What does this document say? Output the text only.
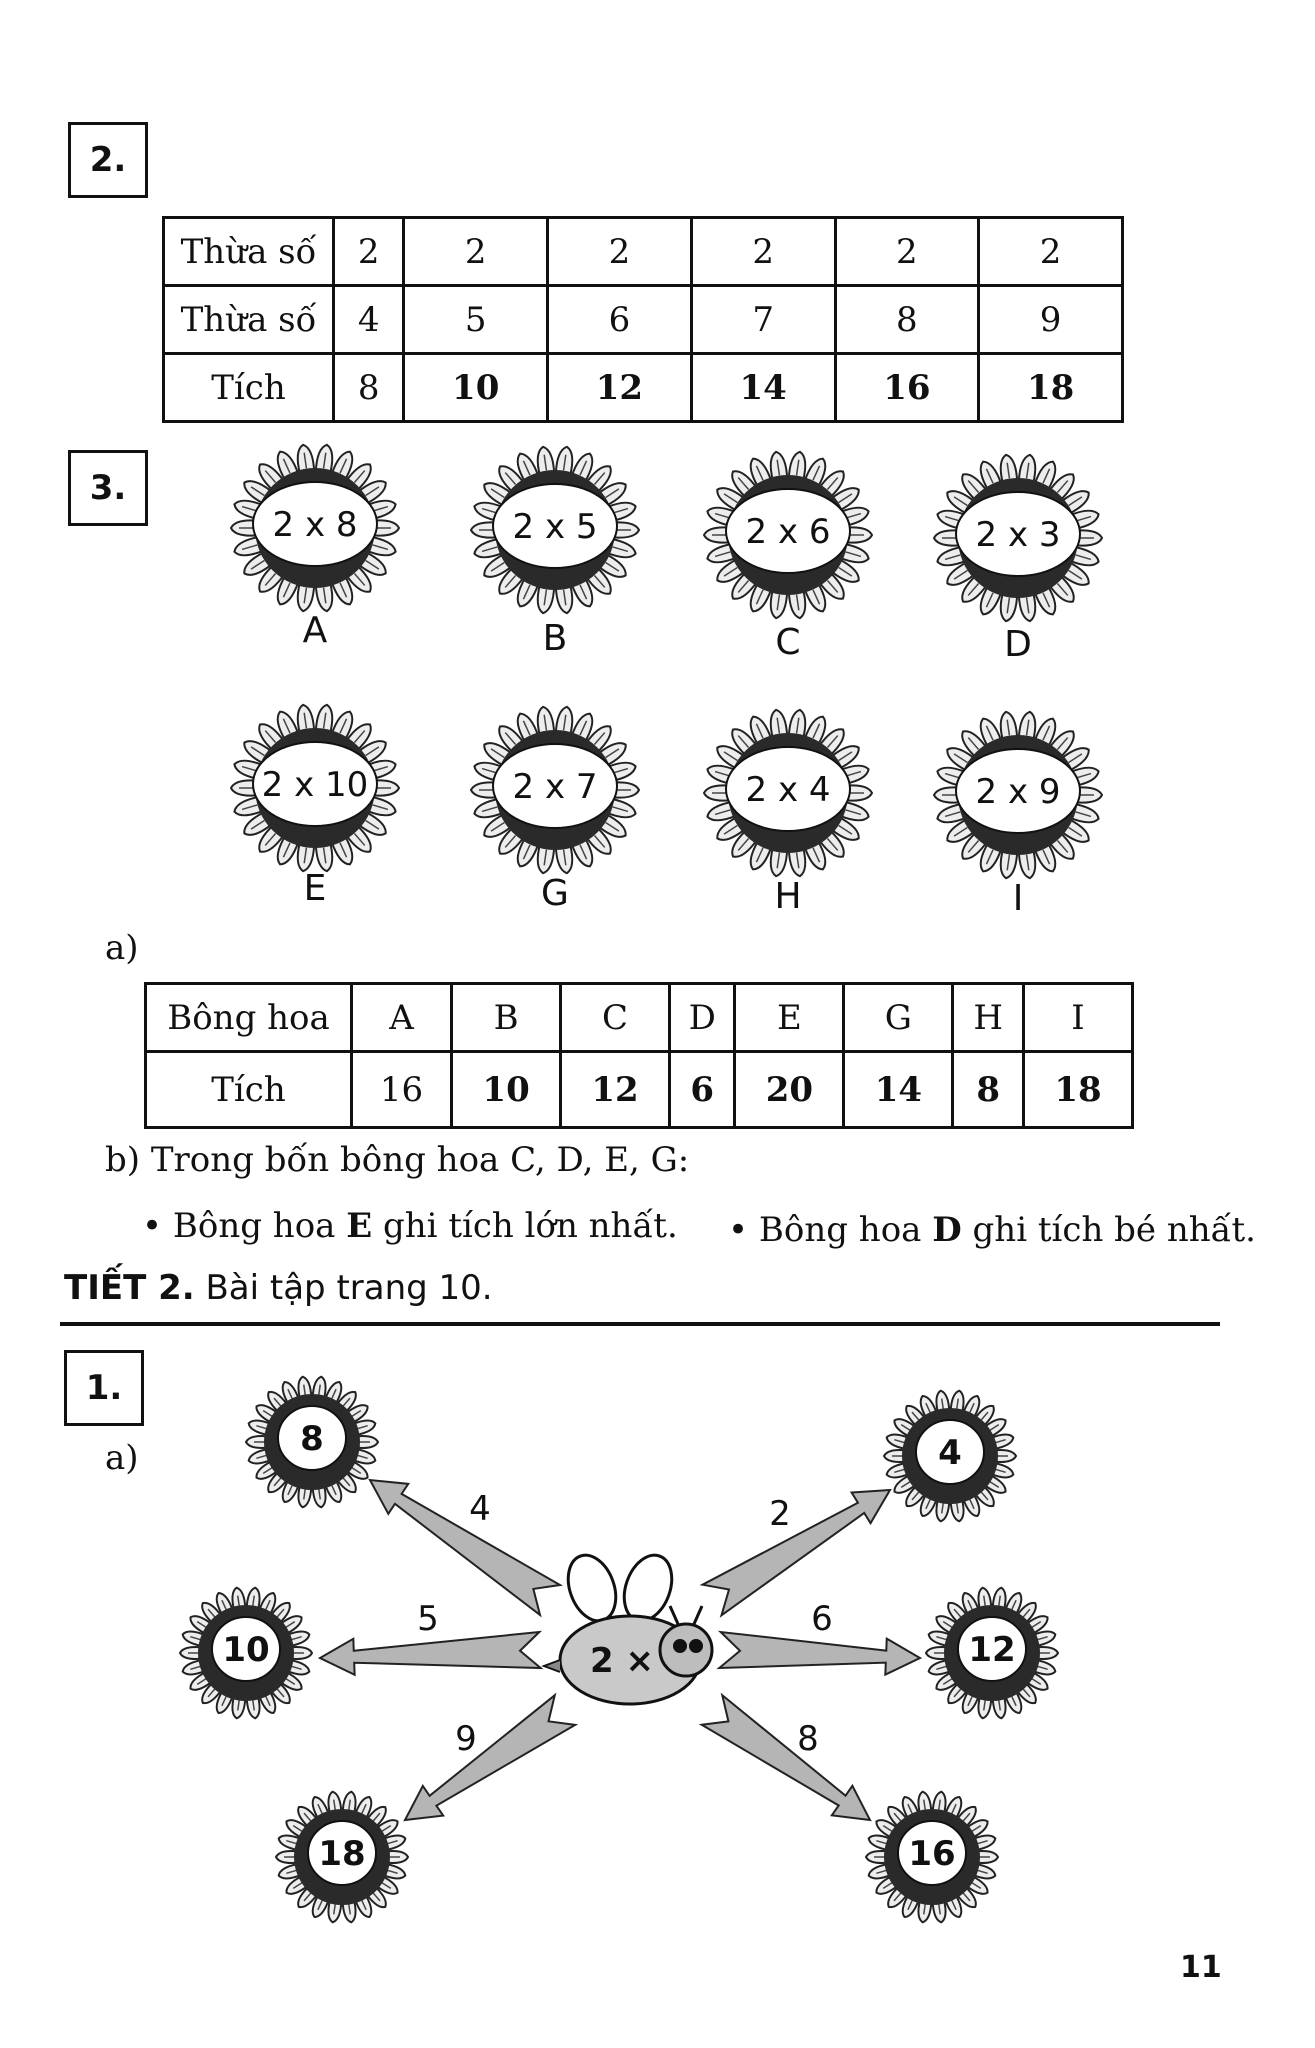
2.
Thừa số	2	2	2	2	2	2
Thừa số	4	5	6	7	8	9
Tích	8	10	12	14	16	18
3.
2 x 8
A
2 x 5
B
2 x 6
C
2 x 3
D
2 x 10
E
2 x 7
G
2 x 4
H
2 x 9
I
a)
Bông hoa	A	B	C	D	E	G	H	I
Tích	16	10	12	6	20	14	8	18
b) Trong bốn bông hoa C, D, E, G:
• Bông hoa E ghi tích lớn nhất. • Bông hoa D ghi tích bé nhất.
TIẾT 2. Bài tập trang 10.
1.
a)
4
8
2
4
5
10
6
12
9
18
8
16
2 ×
11
